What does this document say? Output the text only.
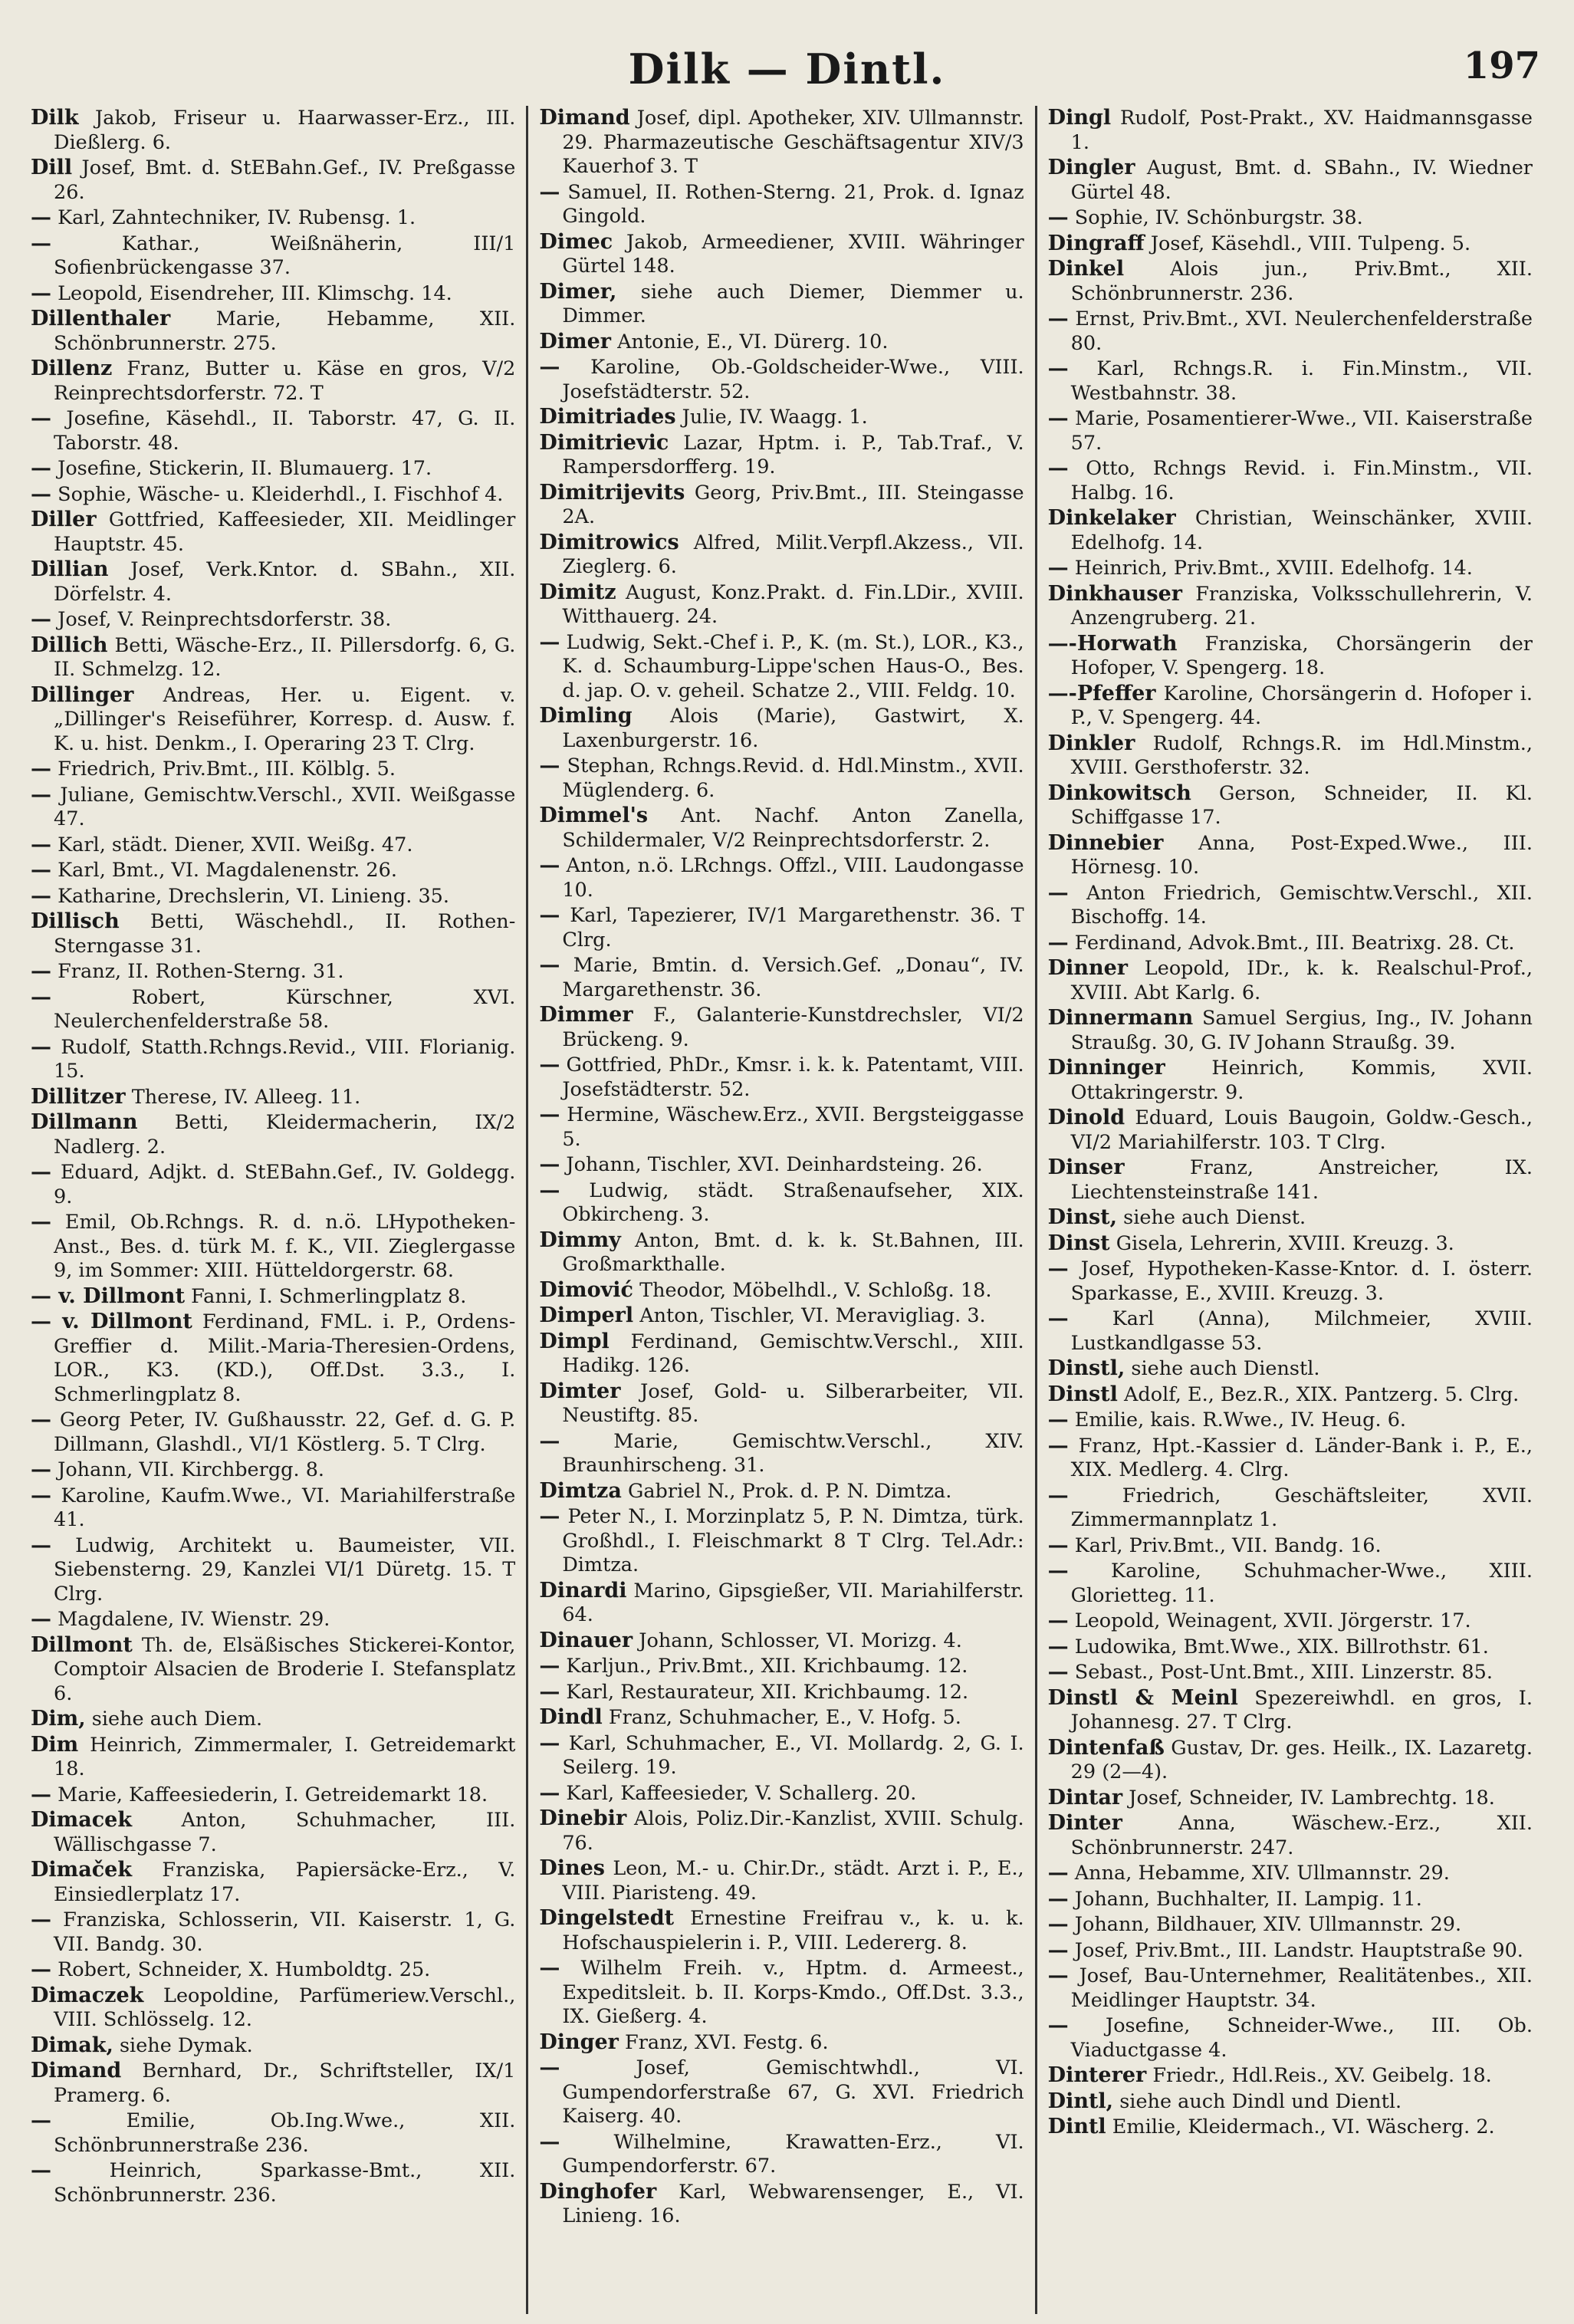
Dilk — Dintl.	197

Dilk Jakob, Friseur u. Haarwasser-Erz., III. Dießlerg. 6.

Dill Josef, Bmt. d. StEBahn.Gef., IV. Preßgasse 26.

— Karl, Zahntechniker, IV. Rubensg. 1.

— Kathar., Weißnäherin, III/1 Sofienbrückengasse 37.

— Leopold, Eisendreher, III. Klimschg. 14.

Dillenthaler Marie, Hebamme, XII. Schönbrunnerstr. 275.

Dillenz Franz, Butter u. Käse en gros, V/2 Reinprechtsdorferstr. 72. T

— Josefine, Käsehdl., II. Taborstr. 47, G. II. Taborstr. 48.

— Josefine, Stickerin, II. Blumauerg. 17.

— Sophie, Wäsche- u. Kleiderhdl., I. Fischhof 4.

Diller Gottfried, Kaffeesieder, XII. Meidlinger Hauptstr. 45.

Dillian Josef, Verk.Kntor. d. SBahn., XII. Dörfelstr. 4.

— Josef, V. Reinprechtsdorferstr. 38.

Dillich Betti, Wäsche-Erz., II. Pillersdorfg. 6, G. II. Schmelzg. 12.

Dillinger Andreas, Her. u. Eigent. v. „Dillinger's Reiseführer, Korresp. d. Ausw. f. K. u. hist. Denkm., I. Operaring 23 T. Clrg.

— Friedrich, Priv.Bmt., III. Kölblg. 5.

— Juliane, Gemischtw.Verschl., XVII. Weißgasse 47.

— Karl, städt. Diener, XVII. Weißg. 47.

— Karl, Bmt., VI. Magdalenenstr. 26.

— Katharine, Drechslerin, VI. Linieng. 35.

Dillisch Betti, Wäschehdl., II. Rothen-Sterngasse 31.

— Franz, II. Rothen-Sterng. 31.

— Robert, Kürschner, XVI. Neulerchenfelderstraße 58.

— Rudolf, Statth.Rchngs.Revid., VIII. Florianig. 15.

Dillitzer Therese, IV. Alleeg. 11.

Dillmann Betti, Kleidermacherin, IX/2 Nadlerg. 2.

— Eduard, Adjkt. d. StEBahn.Gef., IV. Goldegg. 9.

— Emil, Ob.Rchngs. R. d. n.ö. LHypotheken-Anst., Bes. d. türk M. f. K., VII. Zieglergasse 9, im Sommer: XIII. Hütteldorgerstr. 68.

— v. Dillmont Fanni, I. Schmerlingplatz 8.

— v. Dillmont Ferdinand, FML. i. P., Ordens-Greffier d. Milit.-Maria-Theresien-Ordens, LOR., K3. (KD.), Off.Dst. 3.3., I. Schmerlingplatz 8.

— Georg Peter, IV. Gußhausstr. 22, Gef. d. G. P. Dillmann, Glashdl., VI/1 Köstlerg. 5. T Clrg.

— Johann, VII. Kirchbergg. 8.

— Karoline, Kaufm.Wwe., VI. Mariahilferstraße 41.

— Ludwig, Architekt u. Baumeister, VII. Siebensterng. 29, Kanzlei VI/1 Düretg. 15. T Clrg.

— Magdalene, IV. Wienstr. 29.

Dillmont Th. de, Elsäßisches Stickerei-Kontor, Comptoir Alsacien de Broderie I. Stefansplatz 6.

Dim, siehe auch Diem.

Dim Heinrich, Zimmermaler, I. Getreidemarkt 18.

— Marie, Kaffeesiederin, I. Getreidemarkt 18.

Dimacek Anton, Schuhmacher, III. Wällischgasse 7.

Dimaček Franziska, Papiersäcke-Erz., V. Einsiedlerplatz 17.

— Franziska, Schlosserin, VII. Kaiserstr. 1, G. VII. Bandg. 30.

— Robert, Schneider, X. Humboldtg. 25.

Dimaczek Leopoldine, Parfümeriew.Verschl., VIII. Schlösselg. 12.

Dimak, siehe Dymak.

Dimand Bernhard, Dr., Schriftsteller, IX/1 Pramerg. 6.

— Emilie, Ob.Ing.Wwe., XII. Schönbrunnerstraße 236.

— Heinrich, Sparkasse-Bmt., XII. Schönbrunnerstr. 236.

Dimand Josef, dipl. Apotheker, XIV. Ullmannstr. 29. Pharmazeutische Geschäftsagentur XIV/3 Kauerhof 3. T

— Samuel, II. Rothen-Sterng. 21, Prok. d. Ignaz Gingold.

Dimec Jakob, Armeediener, XVIII. Währinger Gürtel 148.

Dimer, siehe auch Diemer, Diemmer u. Dimmer.

Dimer Antonie, E., VI. Dürerg. 10.

— Karoline, Ob.-Goldscheider-Wwe., VIII. Josefstädterstr. 52.

Dimitriades Julie, IV. Waagg. 1.

Dimitrievic Lazar, Hptm. i. P., Tab.Traf., V. Rampersdorfferg. 19.

Dimitrijevits Georg, Priv.Bmt., III. Steingasse 2A.

Dimitrowics Alfred, Milit.Verpfl.Akzess., VII. Zieglerg. 6.

Dimitz August, Konz.Prakt. d. Fin.LDir., XVIII. Witthauerg. 24.

— Ludwig, Sekt.-Chef i. P., K. (m. St.), LOR., K3., K. d. Schaumburg-Lippe'schen Haus-O., Bes. d. jap. O. v. geheil. Schatze 2., VIII. Feldg. 10.

Dimling Alois (Marie), Gastwirt, X. Laxenburgerstr. 16.

— Stephan, Rchngs.Revid. d. Hdl.Minstm., XVII. Müglenderg. 6.

Dimmel's Ant. Nachf. Anton Zanella, Schildermaler, V/2 Reinprechtsdorferstr. 2.

— Anton, n.ö. LRchngs. Offzl., VIII. Laudongasse 10.

— Karl, Tapezierer, IV/1 Margarethenstr. 36. T Clrg.

— Marie, Bmtin. d. Versich.Gef. „Donau“, IV. Margarethenstr. 36.

Dimmer F., Galanterie-Kunstdrechsler, VI/2 Brückeng. 9.

— Gottfried, PhDr., Kmsr. i. k. k. Patentamt, VIII. Josefstädterstr. 52.

— Hermine, Wäschew.Erz., XVII. Bergsteiggasse 5.

— Johann, Tischler, XVI. Deinhardsteing. 26.

— Ludwig, städt. Straßenaufseher, XIX. Obkircheng. 3.

Dimmy Anton, Bmt. d. k. k. St.Bahnen, III. Großmarkthalle.

Dimović Theodor, Möbelhdl., V. Schloßg. 18.

Dimperl Anton, Tischler, VI. Meravigliag. 3.

Dimpl Ferdinand, Gemischtw.Verschl., XIII. Hadikg. 126.

Dimter Josef, Gold- u. Silberarbeiter, VII. Neustiftg. 85.

— Marie, Gemischtw.Verschl., XIV. Braunhirscheng. 31.

Dimtza Gabriel N., Prok. d. P. N. Dimtza.

— Peter N., I. Morzinplatz 5, P. N. Dimtza, türk. Großhdl., I. Fleischmarkt 8 T Clrg. Tel.Adr.: Dimtza.

Dinardi Marino, Gipsgießer, VII. Mariahilferstr. 64.

Dinauer Johann, Schlosser, VI. Morizg. 4.

— Karljun., Priv.Bmt., XII. Krichbaumg. 12.

— Karl, Restaurateur, XII. Krichbaumg. 12.

Dindl Franz, Schuhmacher, E., V. Hofg. 5.

— Karl, Schuhmacher, E., VI. Mollardg. 2, G. I. Seilerg. 19.

— Karl, Kaffeesieder, V. Schallerg. 20.

Dinebir Alois, Poliz.Dir.-Kanzlist, XVIII. Schulg. 76.

Dines Leon, M.- u. Chir.Dr., städt. Arzt i. P., E., VIII. Piaristeng. 49.

Dingelstedt Ernestine Freifrau v., k. u. k. Hofschauspielerin i. P., VIII. Ledererg. 8.

— Wilhelm Freih. v., Hptm. d. Armeest., Expeditsleit. b. II. Korps-Kmdo., Off.Dst. 3.3., IX. Gießerg. 4.

Dinger Franz, XVI. Festg. 6.

— Josef, Gemischtwhdl., VI. Gumpendorferstraße 67, G. XVI. Friedrich Kaiserg. 40.

— Wilhelmine, Krawatten-Erz., VI. Gumpendorferstr. 67.

Dinghofer Karl, Webwarensenger, E., VI. Linieng. 16.

Dingl Rudolf, Post-Prakt., XV. Haidmannsgasse 1.

Dingler August, Bmt. d. SBahn., IV. Wiedner Gürtel 48.

— Sophie, IV. Schönburgstr. 38.

Dingraff Josef, Käsehdl., VIII. Tulpeng. 5.

Dinkel Alois jun., Priv.Bmt., XII. Schönbrunnerstr. 236.

— Ernst, Priv.Bmt., XVI. Neulerchenfelderstraße 80.

— Karl, Rchngs.R. i. Fin.Minstm., VII. Westbahnstr. 38.

— Marie, Posamentierer-Wwe., VII. Kaiserstraße 57.

— Otto, Rchngs Revid. i. Fin.Minstm., VII. Halbg. 16.

Dinkelaker Christian, Weinschänker, XVIII. Edelhofg. 14.

— Heinrich, Priv.Bmt., XVIII. Edelhofg. 14.

Dinkhauser Franziska, Volksschullehrerin, V. Anzengruberg. 21.

—-Horwath Franziska, Chorsängerin der Hofoper, V. Spengerg. 18.

—-Pfeffer Karoline, Chorsängerin d. Hofoper i. P., V. Spengerg. 44.

Dinkler Rudolf, Rchngs.R. im Hdl.Minstm., XVIII. Gersthoferstr. 32.

Dinkowitsch Gerson, Schneider, II. Kl. Schiffgasse 17.

Dinnebier Anna, Post-Exped.Wwe., III. Hörnesg. 10.

— Anton Friedrich, Gemischtw.Verschl., XII. Bischoffg. 14.

— Ferdinand, Advok.Bmt., III. Beatrixg. 28. Ct.

Dinner Leopold, IDr., k. k. Realschul-Prof., XVIII. Abt Karlg. 6.

Dinnermann Samuel Sergius, Ing., IV. Johann Straußg. 30, G. IV Johann Straußg. 39.

Dinninger Heinrich, Kommis, XVII. Ottakringerstr. 9.

Dinold Eduard, Louis Baugoin, Goldw.-Gesch., VI/2 Mariahilferstr. 103. T Clrg.

Dinser Franz, Anstreicher, IX. Liechtensteinstraße 141.

Dinst, siehe auch Dienst.

Dinst Gisela, Lehrerin, XVIII. Kreuzg. 3.

— Josef, Hypotheken-Kasse-Kntor. d. I. österr. Sparkasse, E., XVIII. Kreuzg. 3.

— Karl (Anna), Milchmeier, XVIII. Lustkandlgasse 53.

Dinstl, siehe auch Dienstl.

Dinstl Adolf, E., Bez.R., XIX. Pantzerg. 5. Clrg.

— Emilie, kais. R.Wwe., IV. Heug. 6.

— Franz, Hpt.-Kassier d. Länder-Bank i. P., E., XIX. Medlerg. 4. Clrg.

— Friedrich, Geschäftsleiter, XVII. Zimmermannplatz 1.

— Karl, Priv.Bmt., VII. Bandg. 16.

— Karoline, Schuhmacher-Wwe., XIII. Glorietteg. 11.

— Leopold, Weinagent, XVII. Jörgerstr. 17.

— Ludowika, Bmt.Wwe., XIX. Billrothstr. 61.

— Sebast., Post-Unt.Bmt., XIII. Linzerstr. 85.

Dinstl & Meinl Spezereiwhdl. en gros, I. Johannesg. 27. T Clrg.

Dintenfaß Gustav, Dr. ges. Heilk., IX. Lazaretg. 29 (2—4).

Dintar Josef, Schneider, IV. Lambrechtg. 18.

Dinter Anna, Wäschew.-Erz., XII. Schönbrunnerstr. 247.

— Anna, Hebamme, XIV. Ullmannstr. 29.

— Johann, Buchhalter, II. Lampig. 11.

— Johann, Bildhauer, XIV. Ullmannstr. 29.

— Josef, Priv.Bmt., III. Landstr. Hauptstraße 90.

— Josef, Bau-Unternehmer, Realitätenbes., XII. Meidlinger Hauptstr. 34.

— Josefine, Schneider-Wwe., III. Ob. Viaductgasse 4.

Dinterer Friedr., Hdl.Reis., XV. Geibelg. 18.

Dintl, siehe auch Dindl und Dientl.

Dintl Emilie, Kleidermach., VI. Wäscherg. 2.
